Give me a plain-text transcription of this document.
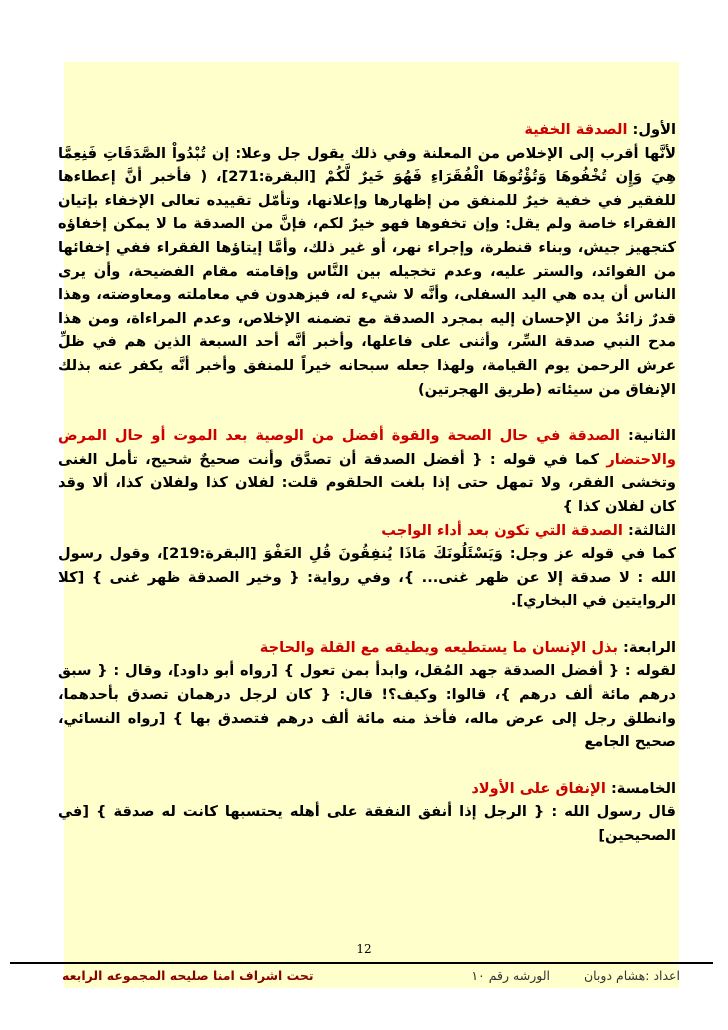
الأول: الصدقة الخفية
لأنَّها أقرب إلى الإخلاص من المعلنة وفي ذلك يقول جل وعلا: إن تُبْدُواْ الصَّدَقَاتِ فَنِعِمَّا هِيَ وَإِن تُخْفُوهَا وَتُؤْتُوهَا الْفُقَرَاءِ فَهُوَ خَيرٌ لَّكُمْ [البقرة:271]، ( فأخبر أنَّ إعطاءها للفقير في خفية خيرٌ للمنفق من إظهارها وإعلانها، وتأمّل تقييده تعالى الإخفاء بإتيان الفقراء خاصة ولم يقل: وإن تخفوها فهو خيرٌ لكم، فإنَّ من الصدقة ما لا يمكن إخفاؤه كتجهيز جيش، وبناء قنطرة، وإجراء نهر، أو غير ذلك، وأمَّا إيتاؤها الفقراء ففي إخفائها من الفوائد، والستر عليه، وعدم تخجيله بين النَّاس وإقامته مقام الفضيحة، وأن يرى الناس أن يده هي اليد السفلى، وأنَّه لا شيء له، فيزهدون في معاملته ومعاوضته، وهذا قدرٌ زائدٌ من الإحسان إليه بمجرد الصدقة مع تضمنه الإخلاص، وعدم المراءاة، ومن هذا مدح النبي صدقة السِّر، وأثنى على فاعلها، وأخبر أنَّه أحد السبعة الذين هم في ظلِّ عرش الرحمن يوم القيامة، ولهذا جعله سبحانه خيراً للمنفق وأخبر أنَّه يكفر عنه بذلك الإنفاق من سيئاته (طريق الهجرتين)
الثانية: الصدقة في حال الصحة والقوة أفضل من الوصية بعد الموت أو حال المرض والاحتضار كما في قوله : { أفضل الصدقة أن تصدَّق وأنت صحيحٌ شحيح، تأمل الغنى وتخشى الفقر، ولا تمهل حتى إذا بلغت الحلقوم قلت: لفلان كذا ولفلان كذا، ألا وقد كان لفلان كذا }
الثالثة: الصدقة التي تكون بعد أداء الواجب
كما في قوله عز وجل: وَيَسْئَلُونَكَ مَاذَا يُنفِقُونَ قُلِ العَفْوَ [البقرة:219]، وقول رسول الله : لا صدقة إلا عن ظهر غنى... }، وفي رواية: { وخير الصدقة ظهر غنى } [كلا الروايتين في البخاري].
الرابعة: بذل الإنسان ما يستطيعه ويطيقه مع القلة والحاجة
لقوله : { أفضل الصدقة جهد المُقل، وابدأ بمن تعول } [رواه أبو داود]، وقال : { سبق درهم مائة ألف درهم }، قالوا: وكيف؟! قال: { كان لرجل درهمان تصدق بأحدهما، وانطلق رجل إلى عرض ماله، فأخذ منه مائة ألف درهم فتصدق بها } [رواه النسائي، صحيح الجامع
الخامسة: الإنفاق على الأولاد
قال رسول الله : { الرجل إذا أنفق النفقة على أهله يحتسبها كانت له صدقة } [في الصحيحين]
12
اعداد :هشام دوبان
الورشه رقم ١٠
تحت اشراف امنا صليحه المجموعه الرابعه
